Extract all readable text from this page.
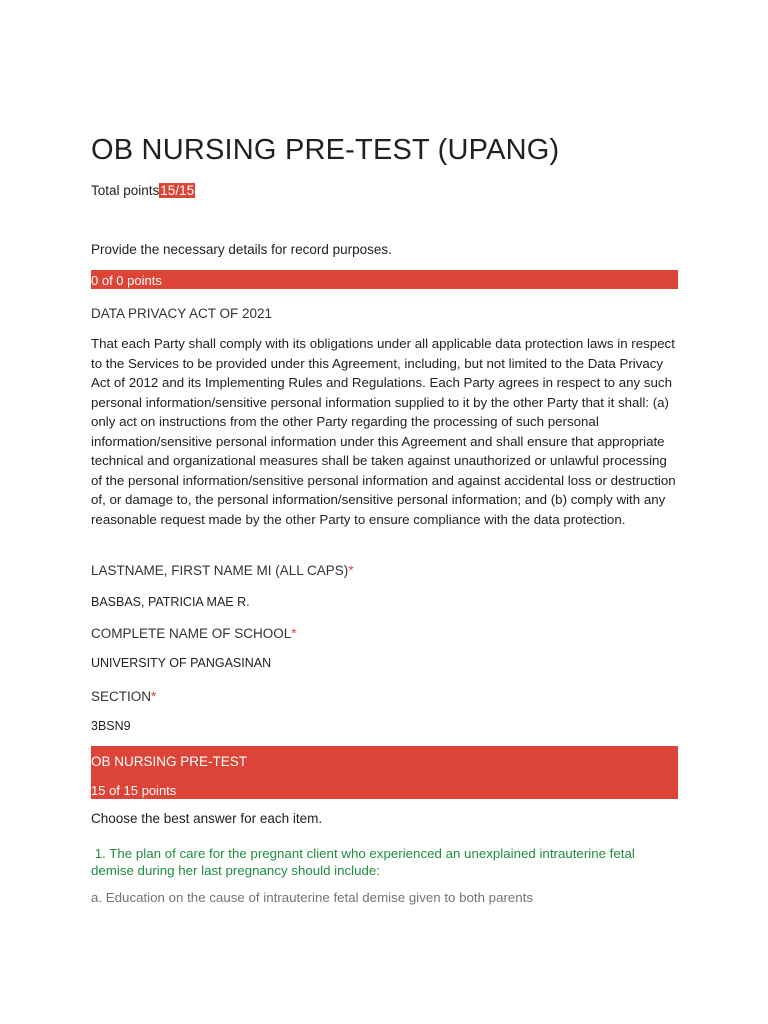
OB NURSING PRE-TEST (UPANG)
Total points15/15
Provide the necessary details for record purposes.
0 of 0 points
DATA PRIVACY ACT OF 2021
That each Party shall comply with its obligations under all applicable data protection laws in respect to the Services to be provided under this Agreement, including, but not limited to the Data Privacy Act of 2012 and its Implementing Rules and Regulations. Each Party agrees in respect to any such personal information/sensitive personal information supplied to it by the other Party that it shall: (a) only act on instructions from the other Party regarding the processing of such personal information/sensitive personal information under this Agreement and shall ensure that appropriate technical and organizational measures shall be taken against unauthorized or unlawful processing of the personal information/sensitive personal information and against accidental loss or destruction of, or damage to, the personal information/sensitive personal information; and (b) comply with any reasonable request made by the other Party to ensure compliance with the data protection.
LASTNAME, FIRST NAME MI (ALL CAPS)*
BASBAS, PATRICIA MAE R.
COMPLETE NAME OF SCHOOL*
UNIVERSITY OF PANGASINAN
SECTION*
3BSN9
OB NURSING PRE-TEST
15 of 15 points
Choose the best answer for each item.
1. The plan of care for the pregnant client who experienced an unexplained intrauterine fetal demise during her last pregnancy should include:
a. Education on the cause of intrauterine fetal demise given to both parents
